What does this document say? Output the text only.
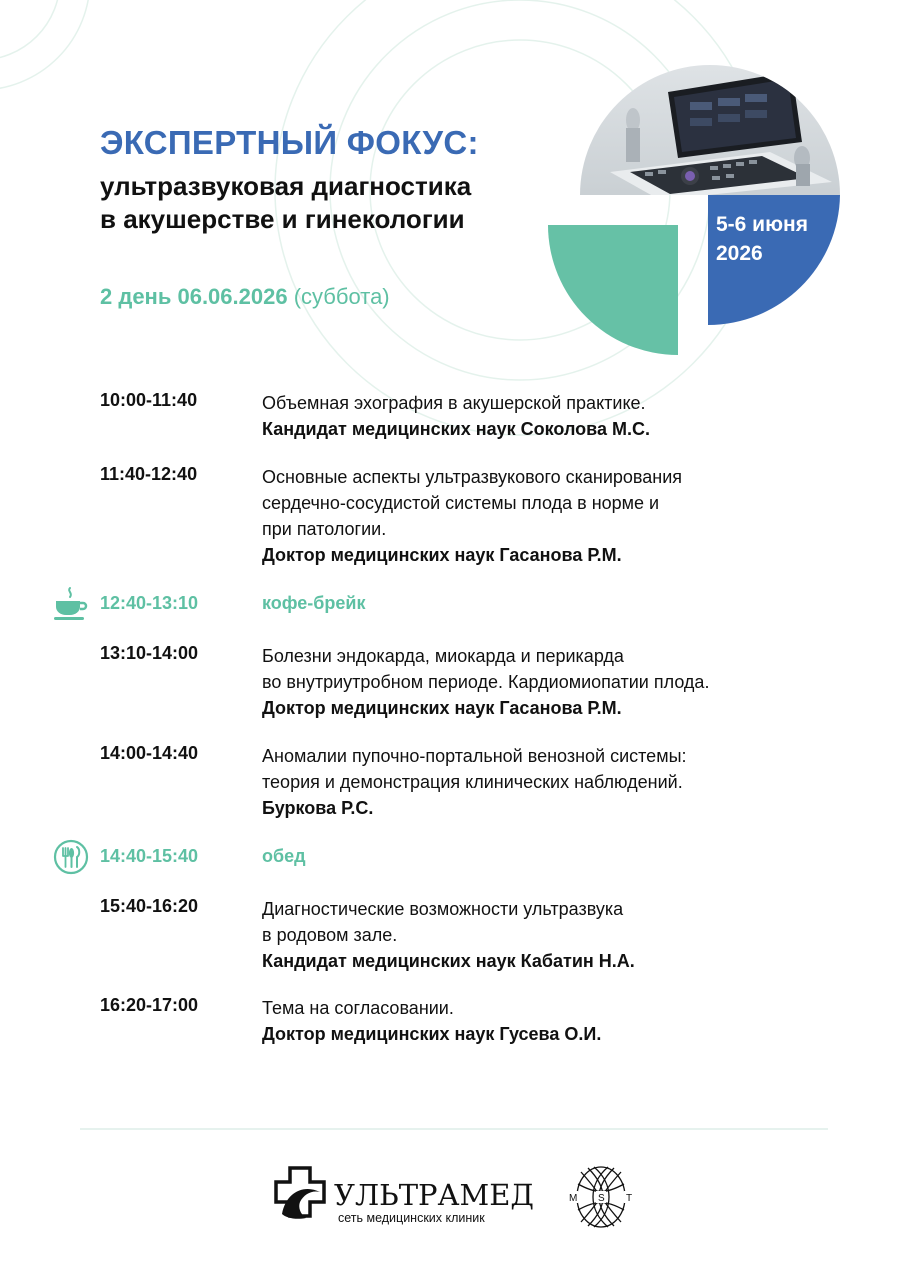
ЭКСПЕРТНЫЙ ФОКУС:
ультразвуковая диагностика
в акушерстве и гинекологии
2 день 06.06.2026 (суббота)
5-6 июня
2026
10:00-11:40	Объемная эхография в акушерской практике.
Кандидат медицинских наук Соколова М.С.
11:40-12:40	Основные аспекты ультразвукового сканирования
сердечно-сосудистой системы плода в норме и
при патологии.
Доктор медицинских наук Гасанова Р.М.
12:40-13:10	кофе-брейк
13:10-14:00	Болезни эндокарда, миокарда и перикарда
во внутриутробном периоде. Кардиомиопатии плода.
Доктор медицинских наук Гасанова Р.М.
14:00-14:40	Аномалии пупочно-портальной венозной системы:
теория и демонстрация клинических наблюдений.
Буркова Р.С.
14:40-15:40	обед
15:40-16:20	Диагностические возможности ультразвука
в родовом зале.
Кандидат медицинских наук Кабатин Н.А.
16:20-17:00	Тема на согласовании.
Доктор медицинских наук Гусева О.И.
УЛЬТРАМЕД
сеть медицинских клиник
M S T
